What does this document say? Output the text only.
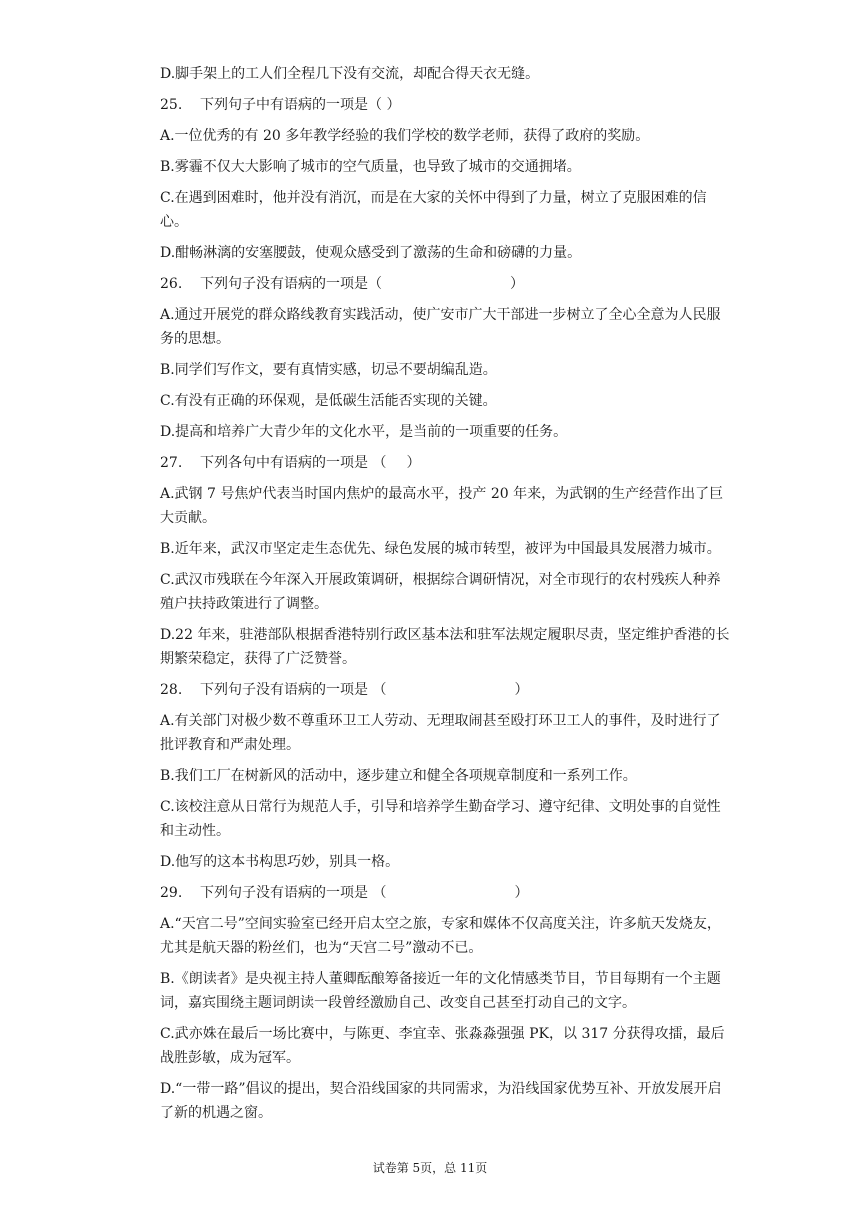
D.脚手架上的工人们全程几下没有交流，却配合得天衣无缝。
25. 下列句子中有语病的一项是（ ）
A.一位优秀的有 20 多年教学经验的我们学校的数学老师，获得了政府的奖励。
B.雾霾不仅大大影响了城市的空气质量，也导致了城市的交通拥堵。
C.在遇到困难时，他并没有消沉，而是在大家的关怀中得到了力量，树立了克服困难的信心。
D.酣畅淋漓的安塞腰鼓，使观众感受到了激荡的生命和磅礴的力量。
26. 下列句子没有语病的一项是（	）
A.通过开展党的群众路线教育实践活动，使广安市广大干部进一步树立了全心全意为人民服务的思想。
B.同学们写作文，要有真情实感，切忌不要胡编乱造。
C.有没有正确的环保观，是低碳生活能否实现的关键。
D.提高和培养广大青少年的文化水平，是当前的一项重要的任务。
27. 下列各句中有语病的一项是 （ ）
A.武钢 7 号焦炉代表当时国内焦炉的最高水平，投产 20 年来，为武钢的生产经营作出了巨大贡献。
B.近年来，武汉市坚定走生态优先、绿色发展的城市转型，被评为中国最具发展潜力城市。
C.武汉市残联在今年深入开展政策调研，根据综合调研情况，对全市现行的农村残疾人种养殖户扶持政策进行了调整。
D.22 年来，驻港部队根据香港特别行政区基本法和驻军法规定履职尽责，坚定维护香港的长期繁荣稳定，获得了广泛赞誉。
28. 下列句子没有语病的一项是 （	）
A.有关部门对极少数不尊重环卫工人劳动、无理取闹甚至殴打环卫工人的事件，及时进行了批评教育和严肃处理。
B.我们工厂在树新风的活动中，逐步建立和健全各项规章制度和一系列工作。
C.该校注意从日常行为规范人手，引导和培养学生勤奋学习、遵守纪律、文明处事的自觉性和主动性。
D.他写的这本书构思巧妙，别具一格。
29. 下列句子没有语病的一项是 （	）
A.“天宫二号”空间实验室已经开启太空之旅，专家和媒体不仅高度关注，许多航天发烧友，尤其是航天器的粉丝们，也为“天宫二号”激动不已。
B.《朗读者》是央视主持人董卿酝酿筹备接近一年的文化情感类节目，节目每期有一个主题词，嘉宾围绕主题词朗读一段曾经激励自己、改变自己甚至打动自己的文字。
C.武亦姝在最后一场比赛中，与陈更、李宜幸、张淼淼强强 PK，以 317 分获得攻擂，最后战胜彭敏，成为冠军。
D.“一带一路”倡议的提出，契合沿线国家的共同需求，为沿线国家优势互补、开放发展开启了新的机遇之窗。
试卷第 5页，总 11页
